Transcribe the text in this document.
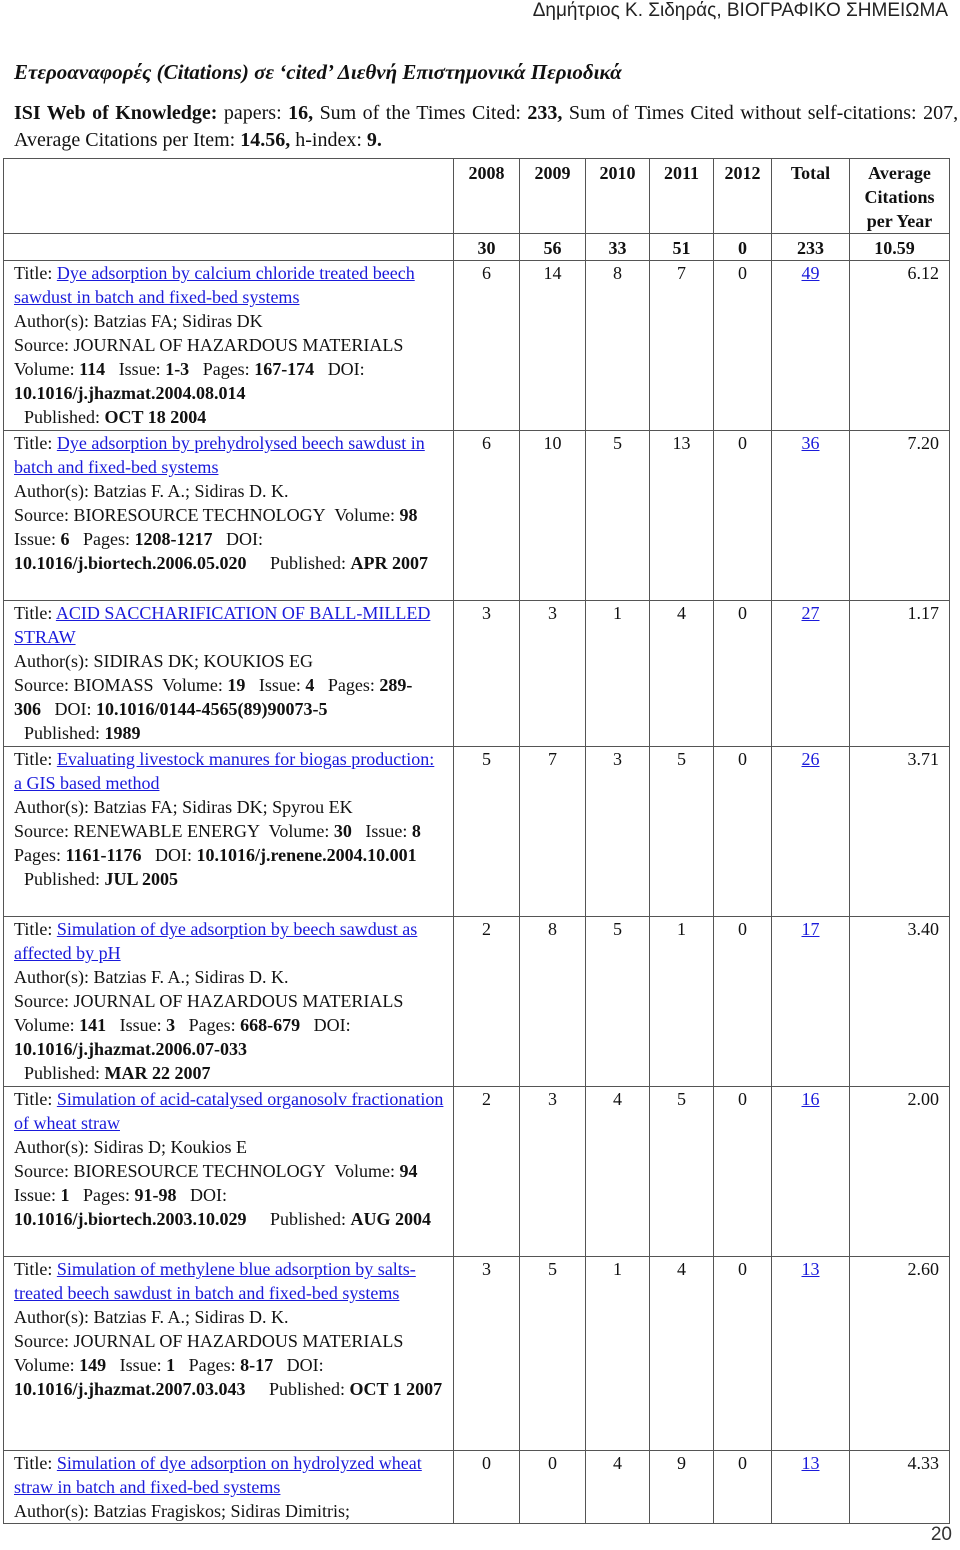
Δημήτριος Κ. Σιδηράς, ΒΙΟΓΡΑΦΙΚΟ ΣΗΜΕΙΩΜΑ
Ετεροαναφορές (Citations) σε ‘cited’ Διεθνή Επιστημονικά Περιοδικά
ISI Web of Knowledge: papers: 16, Sum of the Times Cited: 233, Sum of Times Cited without self-citations: 207, Average Citations per Item: 14.56, h-index: 9.
	2008	2009	2010	2011	2012	Total	Average Citations per Year
	30	56	33	51	0	233	10.59

Title: Dye adsorption by calcium chloride treated beech sawdust in batch and fixed-bed systems
Author(s): Batzias FA; Sidiras DK
Source: JOURNAL OF HAZARDOUS MATERIALS  Volume: 114 Issue: 1-3 Pages: 167-174 DOI: 10.1016/j.jhazmat.2004.08.014   Published: OCT 18 2004	6	14	8	7	0	49	6.12

Title: Dye adsorption by prehydrolysed beech sawdust in batch and fixed-bed systems
Author(s): Batzias F. A.; Sidiras D. K.
Source: BIORESOURCE TECHNOLOGY Volume: 98   Issue: 6 Pages: 1208-1217 DOI: 10.1016/j.biortech.2006.05.020 Published: APR 2007	6	10	5	13	0	36	7.20

Title: ACID SACCHARIFICATION OF BALL-MILLED STRAW
Author(s): SIDIRAS DK; KOUKIOS EG
Source: BIOMASS Volume: 19 Issue: 4 Pages: 289-306 DOI: 10.1016/0144-4565(89)90073-5   Published: 1989	3	3	1	4	0	27	1.17

Title: Evaluating livestock manures for biogas production: a GIS based method
Author(s): Batzias FA; Sidiras DK; Spyrou EK
Source: RENEWABLE ENERGY Volume: 30 Issue: 8   Pages: 1161-1176 DOI: 10.1016/j.renene.2004.10.001   Published: JUL 2005	5	7	3	5	0	26	3.71

Title: Simulation of dye adsorption by beech sawdust as affected by pH
Author(s): Batzias F. A.; Sidiras D. K.
Source: JOURNAL OF HAZARDOUS MATERIALS  Volume: 141 Issue: 3 Pages: 668-679 DOI: 10.1016/j.jhazmat.2006.07-033   Published: MAR 22 2007	2	8	5	1	0	17	3.40

Title: Simulation of acid-catalysed organosolv fractionation of wheat straw
Author(s): Sidiras D; Koukios E
Source: BIORESOURCE TECHNOLOGY Volume: 94   Issue: 1 Pages: 91-98 DOI: 10.1016/j.biortech.2003.10.029 Published: AUG 2004	2	3	4	5	0	16	2.00

Title: Simulation of methylene blue adsorption by salts-treated beech sawdust in batch and fixed-bed systems
Author(s): Batzias F. A.; Sidiras D. K.
Source: JOURNAL OF HAZARDOUS MATERIALS  Volume: 149 Issue: 1 Pages: 8-17 DOI: 10.1016/j.jhazmat.2007.03.043 Published: OCT 1 2007	3	5	1	4	0	13	2.60

Title: Simulation of dye adsorption on hydrolyzed wheat straw in batch and fixed-bed systems
Author(s): Batzias Fragiskos; Sidiras Dimitris;	0	0	4	9	0	13	4.33
20
